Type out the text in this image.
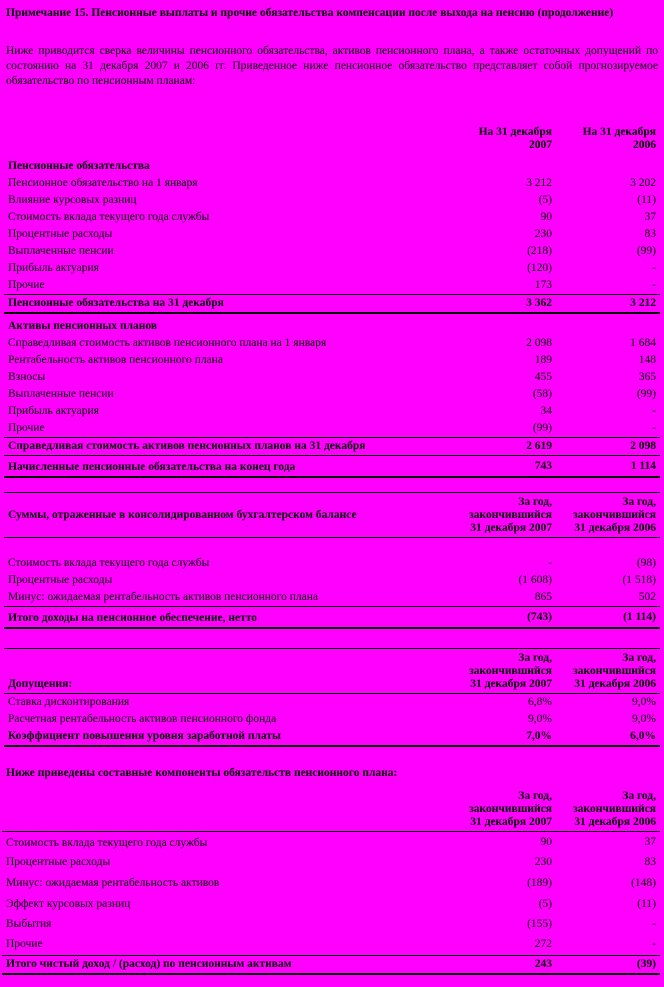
Примечание 15. Пенсионные выплаты и прочие обязательства компенсации после выхода на пенсию (продолжение)
Ниже приводится сверка величины пенсионного обязательства, активов пенсионного плана, а также остаточных допущений по состоянию на 31 декабря 2007 и 2006 гг. Приведенное ниже пенсионное обязательство представляет собой прогнозируемое обязательство по пенсионным планам:
	На 31 декабря 2007	На 31 декабря 2006
Пенсионные обязательства		
Пенсионное обязательство на 1 января	3 212	3 202
Влияние курсовых разниц	(5)	(11)
Стоимость вклада текущего года службы	90	37
Процентные расходы	230	83
Выплаченные пенсии	(218)	(99)
Прибыль актуария	(120)	-
Прочие	173	-
Пенсионные обязательства на 31 декабря	3 362	3 212
Активы пенсионных планов		
Справедливая стоимость активов пенсионного плана на 1 января	2 098	1 684
Рентабельность активов пенсионного плана	189	148
Взносы	455	365
Выплаченные пенсии	(58)	(99)
Прибыль актуария	34	-
Прочие	(99)	-
Справедливая стоимость активов пенсионных планов на 31 декабря	2 619	2 098
Начисленные пенсионные обязательства на конец года	743	1 114
Суммы, отраженные в консолидированном бухгалтерском балансе	За год, закончившийся 31 декабря 2007	За год, закончившийся 31 декабря 2006

Стоимость вклада текущего года службы	-	(98)
Процентные расходы	(1 608)	(1 518)
Минус: ожидаемая рентабельность активов пенсионного плана	865	502
Итого доходы на пенсионное обеспечение, нетто	(743)	(1 114)
Допущения:	За год, закончившийся 31 декабря 2007	За год, закончившийся 31 декабря 2006
Ставка дисконтирования	6,8%	9,0%
Расчетная рентабельность активов пенсионного фонда	9,0%	9,0%
Коэффициент повышения уровня заработной платы	7,0%	6,0%
Ниже приведены составные компоненты обязательств пенсионного плана:
	За год, закончившийся 31 декабря 2007	За год, закончившийся 31 декабря 2006
Стоимость вклада текущего года службы	90	37
Процентные расходы	230	83
Минус: ожидаемая рентабельность активов	(189)	(148)
Эффект курсовых разниц	(5)	(11)
Выбытия	(155)	-
Прочие	272	-
Итого чистый доход / (расход) по пенсионным активам	243	(39)
